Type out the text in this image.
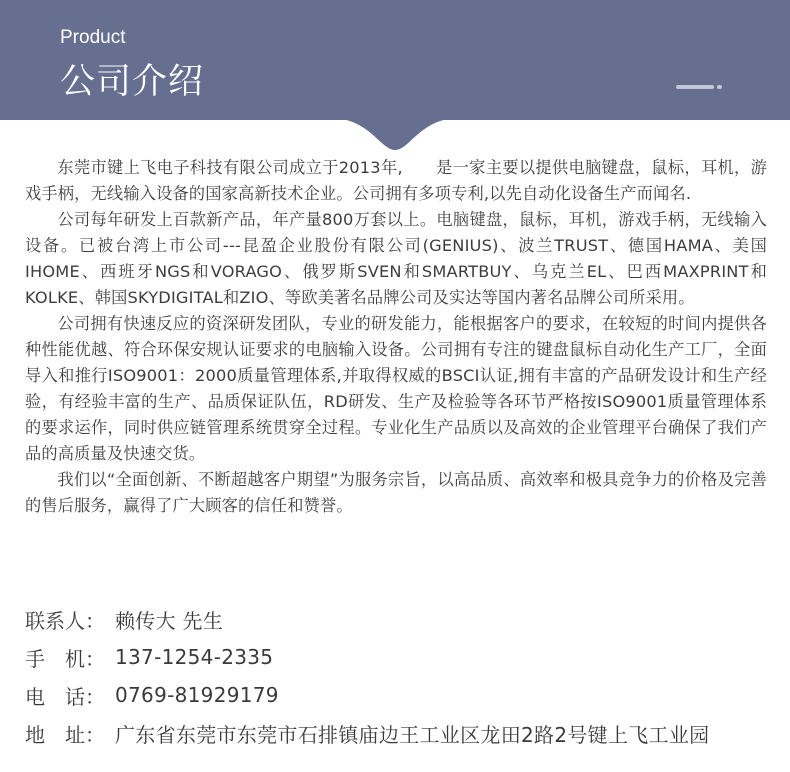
Product
公司介绍

东莞市键上飞电子科技有限公司成立于2013年,　　是一家主要以提供电脑键盘，鼠标，耳机，游戏手柄，无线输入设备的国家高新技术企业。公司拥有多项专利,以先自动化设备生产而闻名.

公司每年研发上百款新产品，年产量800万套以上。电脑键盘，鼠标，耳机，游戏手柄，无线输入设备。已被台湾上市公司---昆盈企业股份有限公司(GENIUS)、波兰TRUST、德国HAMA、美国IHOME、西班牙NGS和VORAGO、俄罗斯SVEN和SMARTBUY、乌克兰EL、巴西MAXPRINT和KOLKE、韩国SKYDIGITAL和ZIO、等欧美著名品牌公司及实达等国内著名品牌公司所采用。

公司拥有快速反应的资深研发团队，专业的研发能力，能根据客户的要求，在较短的时间内提供各种性能优越、符合环保安规认证要求的电脑输入设备。公司拥有专注的键盘鼠标自动化生产工厂，全面导入和推行ISO9001：2000质量管理体系,并取得权威的BSCI认证,拥有丰富的产品研发设计和生产经验，有经验丰富的生产、品质保证队伍，RD研发、生产及检验等各环节严格按ISO9001质量管理体系的要求运作，同时供应链管理系统贯穿全过程。专业化生产品质以及高效的企业管理平台确保了我们产品的高质量及快速交货。

我们以“全面创新、不断超越客户期望”为服务宗旨，以高品质、高效率和极具竞争力的价格及完善的售后服务，赢得了广大顾客的信任和赞誉。

联系人： 赖传大 先生
手　机： 137-1254-2335
电　话： 0769-81929179
地　址： 广东省东莞市东莞市石排镇庙边王工业区龙田2路2号键上飞工业园
